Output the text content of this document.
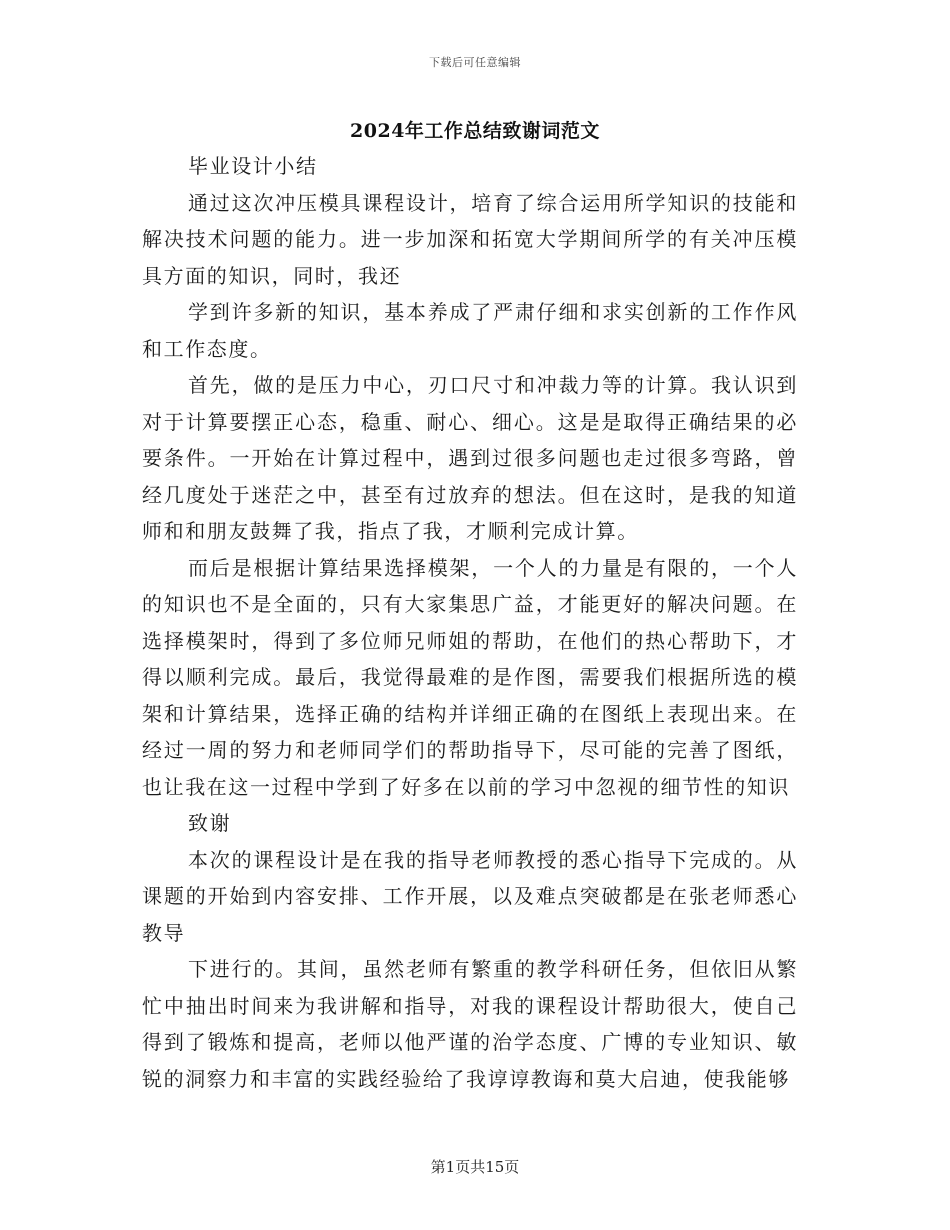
下载后可任意编辑
2024年工作总结致谢词范文

毕业设计小结

通过这次冲压模具课程设计，培育了综合运用所学知识的技能和解决技术问题的能力。进一步加深和拓宽大学期间所学的有关冲压模具方面的知识，同时，我还

学到许多新的知识，基本养成了严肃仔细和求实创新的工作作风和工作态度。

首先，做的是压力中心，刃口尺寸和冲裁力等的计算。我认识到对于计算要摆正心态，稳重、耐心、细心。这是是取得正确结果的必要条件。一开始在计算过程中，遇到过很多问题也走过很多弯路，曾经几度处于迷茫之中，甚至有过放弃的想法。但在这时，是我的知道师和和朋友鼓舞了我，指点了我，才顺利完成计算。

而后是根据计算结果选择模架，一个人的力量是有限的，一个人的知识也不是全面的，只有大家集思广益，才能更好的解决问题。在选择模架时，得到了多位师兄师姐的帮助，在他们的热心帮助下，才得以顺利完成。最后，我觉得最难的是作图，需要我们根据所选的模架和计算结果，选择正确的结构并详细正确的在图纸上表现出来。在经过一周的努力和老师同学们的帮助指导下，尽可能的完善了图纸，也让我在这一过程中学到了好多在以前的学习中忽视的细节性的知识

致谢

本次的课程设计是在我的指导老师教授的悉心指导下完成的。从课题的开始到内容安排、工作开展，以及难点突破都是在张老师悉心教导

下进行的。其间，虽然老师有繁重的教学科研任务，但依旧从繁忙中抽出时间来为我讲解和指导，对我的课程设计帮助很大，使自己得到了锻炼和提高，老师以他严谨的治学态度、广博的专业知识、敏锐的洞察力和丰富的实践经验给了我谆谆教诲和莫大启迪，使我能够

第1页共15页
